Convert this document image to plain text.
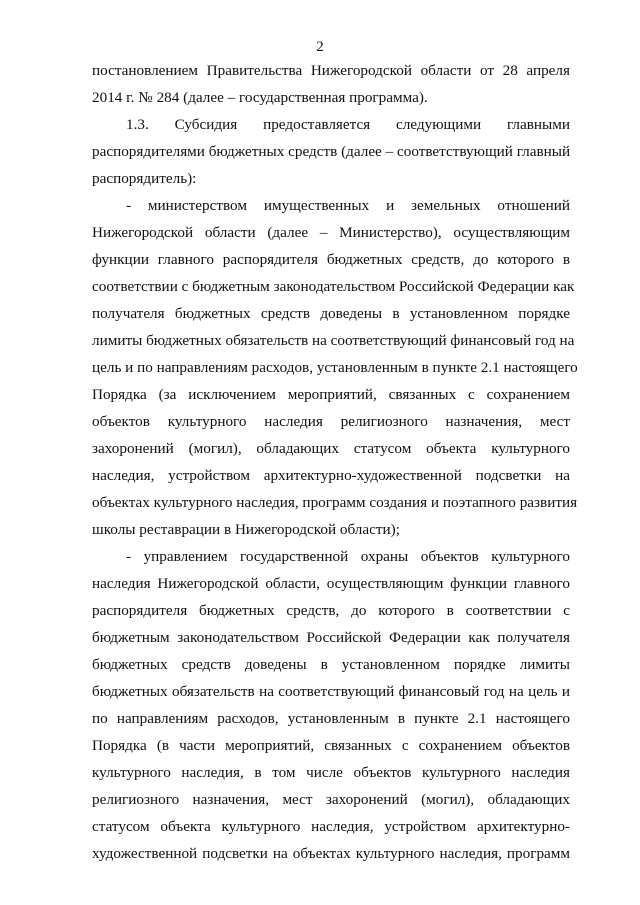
2
постановлением Правительства Нижегородской области от 28 апреля
2014 г. № 284 (далее – государственная программа).
1.3. Субсидия предоставляется следующими главными
распорядителями бюджетных средств (далее – соответствующий главный
распорядитель):
- министерством имущественных и земельных отношений
Нижегородской области (далее – Министерство), осуществляющим
функции главного распорядителя бюджетных средств, до которого в
соответствии с бюджетным законодательством Российской Федерации как
получателя бюджетных средств доведены в установленном порядке
лимиты бюджетных обязательств на соответствующий финансовый год на
цель и по направлениям расходов, установленным в пункте 2.1 настоящего
Порядка (за исключением мероприятий, связанных с сохранением
объектов культурного наследия религиозного назначения, мест
захоронений (могил), обладающих статусом объекта культурного
наследия, устройством архитектурно-художественной подсветки на
объектах культурного наследия, программ создания и поэтапного развития
школы реставрации в Нижегородской области);
- управлением государственной охраны объектов культурного
наследия Нижегородской области, осуществляющим функции главного
распорядителя бюджетных средств, до которого в соответствии с
бюджетным законодательством Российской Федерации как получателя
бюджетных средств доведены в установленном порядке лимиты
бюджетных обязательств на соответствующий финансовый год на цель и
по направлениям расходов, установленным в пункте 2.1 настоящего
Порядка (в части мероприятий, связанных с сохранением объектов
культурного наследия, в том числе объектов культурного наследия
религиозного назначения, мест захоронений (могил), обладающих
статусом объекта культурного наследия, устройством архитектурно-
художественной подсветки на объектах культурного наследия, программ
